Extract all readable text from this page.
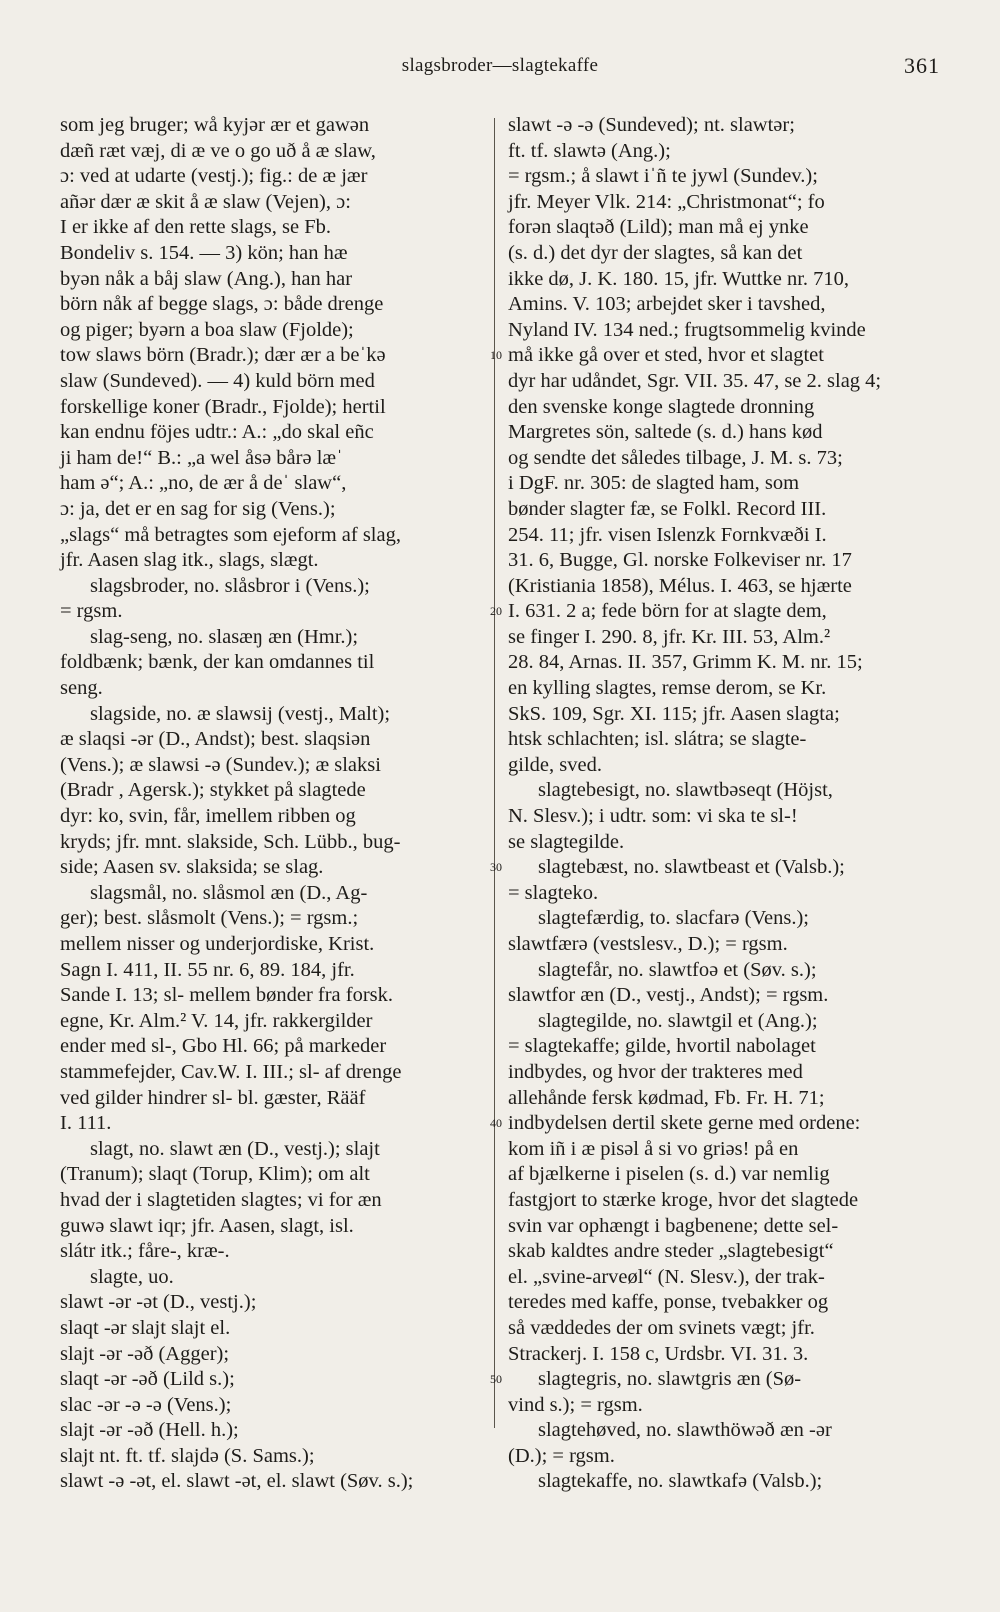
slagsbroder—slagtekaffe	361
som jeg bruger; wå kyjər ær et gawən
dæñ ræt væj, di æ ve o go uð å æ slaw,
ɔ: ved at udarte (vestj.); fig.: de æ jær
añər dær æ skit å æ slaw (Vejen), ɔ:
I er ikke af den rette slags, se Fb.
Bondeliv s. 154. — 3) kön; han hæ
byən nåk a båj slaw (Ang.), han har
börn nåk af begge slags, ɔ: både drenge
og piger; byərn a boa slaw (Fjolde);
tow slaws börn (Bradr.); dær ær a beˈkə
slaw (Sundeved). — 4) kuld börn med
forskellige koner (Bradr., Fjolde); hertil
kan endnu föjes udtr.: A.: „do skal eñc
ji ham de!“ B.: „a wel åsə bårə læˈ
ham ə“; A.: „no, de ær å deˈ slaw“,
ɔ: ja, det er en sag for sig (Vens.);
„slags“ må betragtes som ejeform af slag,
jfr. Aasen slag itk., slags, slægt.
slagsbroder, no. slåsbror i (Vens.);
= rgsm.
slag-seng, no. slasæŋ æn (Hmr.);
foldbænk; bænk, der kan omdannes til
seng.
slagside, no. æ slawsij (vestj., Malt);
æ slaqsi -ər (D., Andst); best. slaqsiən
(Vens.); æ slawsi -ə (Sundev.); æ slaksi
(Bradr , Agersk.); stykket på slagtede
dyr: ko, svin, får, imellem ribben og
kryds; jfr. mnt. slakside, Sch. Lübb., bug-
side; Aasen sv. slaksida; se slag.
slagsmål, no. slåsmol æn (D., Ag-
ger); best. slåsmolt (Vens.); = rgsm.;
mellem nisser og underjordiske, Krist.
Sagn I. 411, II. 55 nr. 6, 89. 184, jfr.
Sande I. 13; sl- mellem bønder fra forsk.
egne, Kr. Alm.² V. 14, jfr. rakkergilder
ender med sl-, Gbo Hl. 66; på markeder
stammefejder, Cav.W. I. III.; sl- af drenge
ved gilder hindrer sl- bl. gæster, Rääf
I. 111.
slagt, no. slawt æn (D., vestj.); slajt
(Tranum); slaqt (Torup, Klim); om alt
hvad der i slagtetiden slagtes; vi for æn
guwə slawt iqr; jfr. Aasen, slagt, isl.
slátr itk.; fåre-, kræ-.
slagte, uo.
slawt -ər -ət (D., vestj.);
slaqt -ər slajt slajt el.
slajt -ər -əð (Agger);
slaqt -ər -əð (Lild s.);
slac -ər -ə -ə (Vens.);
slajt -ər -əð (Hell. h.);
slajt nt. ft. tf. slajdə (S. Sams.);
slawt -ə -ət, el. slawt -ət, el. slawt (Søv. s.);
10
20
30
40
50
slawt -ə -ə (Sundeved); nt. slawtər;
ft. tf. slawtə (Ang.);
= rgsm.; å slawt iˈñ te jywl (Sundev.);
jfr. Meyer Vlk. 214: „Christmonat“; fo
forən slaqtəð (Lild); man må ej ynke
(s. d.) det dyr der slagtes, så kan det
ikke dø, J. K. 180. 15, jfr. Wuttke nr. 710,
Amins. V. 103; arbejdet sker i tavshed,
Nyland IV. 134 ned.; frugtsommelig kvinde
må ikke gå over et sted, hvor et slagtet
dyr har udåndet, Sgr. VII. 35. 47, se 2. slag 4;
den svenske konge slagtede dronning
Margretes sön, saltede (s. d.) hans kød
og sendte det således tilbage, J. M. s. 73;
i DgF. nr. 305: de slagted ham, som
bønder slagter fæ, se Folkl. Record III.
254. 11; jfr. visen Islenzk Fornkvæði I.
31. 6, Bugge, Gl. norske Folkeviser nr. 17
(Kristiania 1858), Mélus. I. 463, se hjærte
I. 631. 2 a; fede börn for at slagte dem,
se finger I. 290. 8, jfr. Kr. III. 53, Alm.²
28. 84, Arnas. II. 357, Grimm K. M. nr. 15;
en kylling slagtes, remse derom, se Kr.
SkS. 109, Sgr. XI. 115; jfr. Aasen slagta;
htsk schlachten; isl. slátra; se slagte-
gilde, sved.
slagtebesigt, no. slawtbəseqt (Höjst,
N. Slesv.); i udtr. som: vi ska te sl-!
se slagtegilde.
slagtebæst, no. slawtbeast et (Valsb.);
= slagteko.
slagtefærdig, to. slacfarə (Vens.);
slawtfærə (vestslesv., D.); = rgsm.
slagtefår, no. slawtfoə et (Søv. s.);
slawtfor æn (D., vestj., Andst); = rgsm.
slagtegilde, no. slawtgil et (Ang.);
= slagtekaffe; gilde, hvortil nabolaget
indbydes, og hvor der trakteres med
allehånde fersk kødmad, Fb. Fr. H. 71;
indbydelsen dertil skete gerne med ordene:
kom iñ i æ pisəl å si vo griəs! på en
af bjælkerne i piselen (s. d.) var nemlig
fastgjort to stærke kroge, hvor det slagtede
svin var ophængt i bagbenene; dette sel-
skab kaldtes andre steder „slagtebesigt“
el. „svine-arveøl“ (N. Slesv.), der trak-
teredes med kaffe, ponse, tvebakker og
så væddedes der om svinets vægt; jfr.
Strackerj. I. 158 c, Urdsbr. VI. 31. 3.
slagtegris, no. slawtgris æn (Sø-
vind s.); = rgsm.
slagtehøved, no. slawthöwəð æn -ər
(D.); = rgsm.
slagtekaffe, no. slawtkafə (Valsb.);
